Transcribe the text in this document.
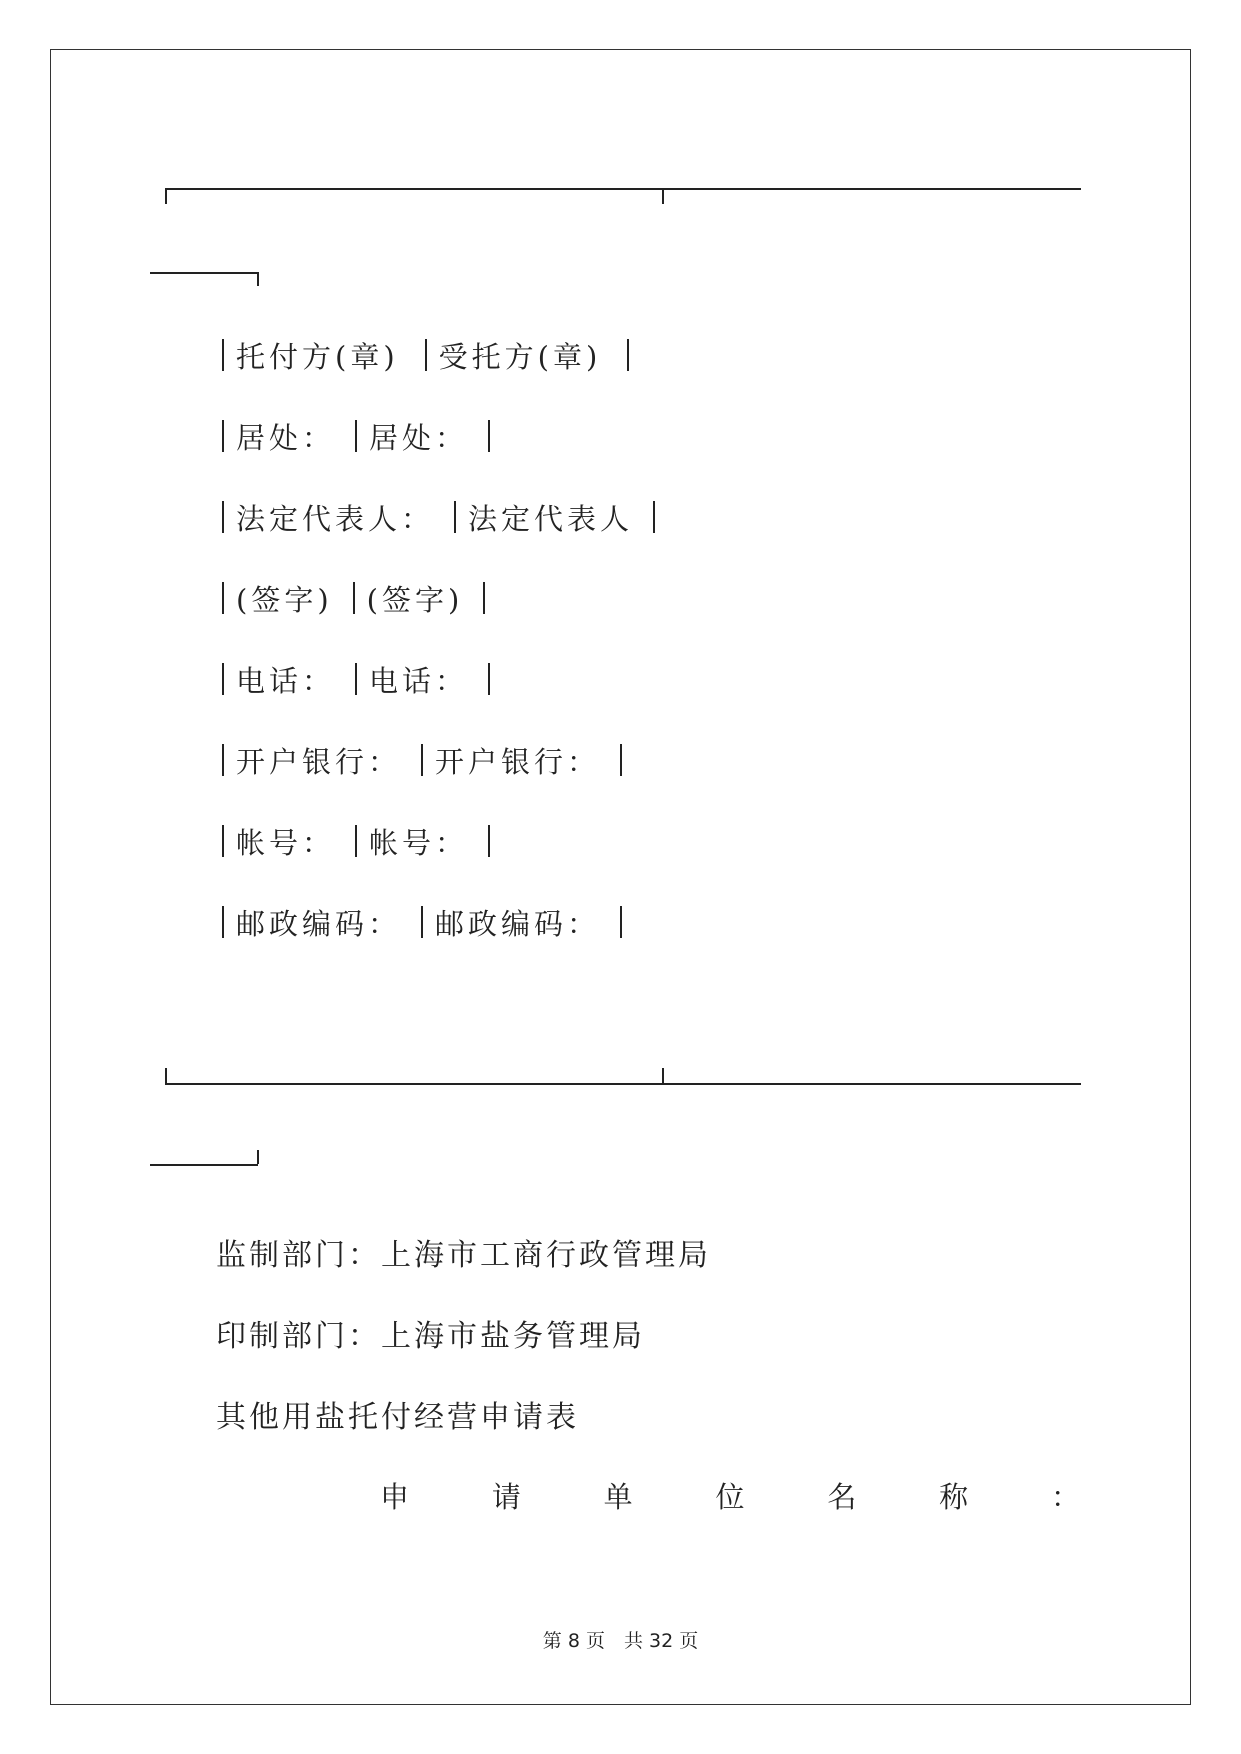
托付方(章) 受托方(章)
居处： 居处：
法定代表人： 法定代表人
(签字) (签字)
电话： 电话：
开户银行： 开户银行：
帐号： 帐号：
邮政编码： 邮政编码：
监制部门：上海市工商行政管理局
印制部门：上海市盐务管理局
其他用盐托付经营申请表
申	请	单	位	名	称	：
第 8 页　共 32 页
